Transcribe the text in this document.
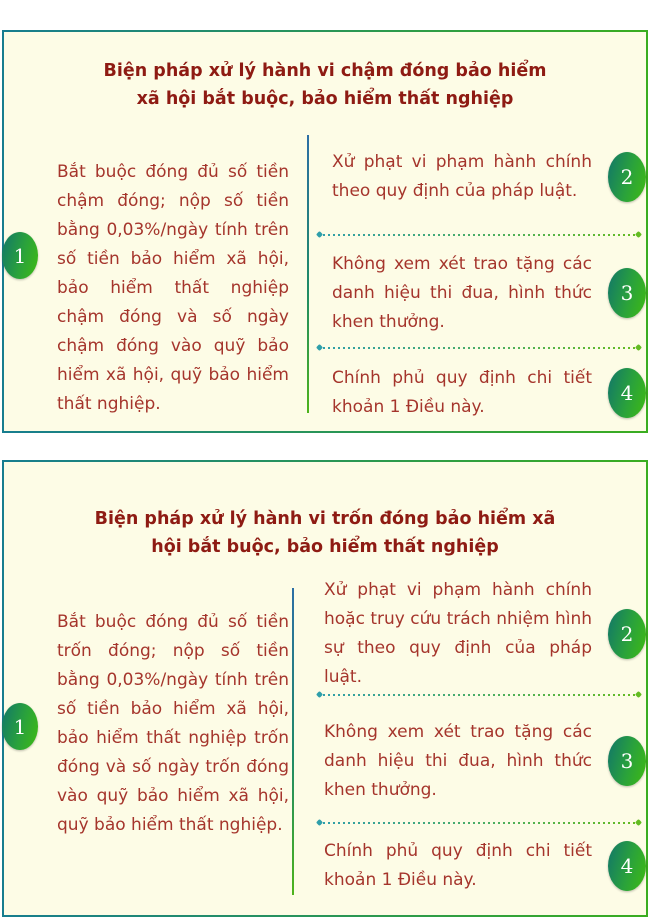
Biện pháp xử lý hành vi chậm đóng bảo hiểm
xã hội bắt buộc, bảo hiểm thất nghiệp
1

Bắt buộc đóng đủ số tiền chậm đóng; nộp số tiền bằng 0,03%/ngày tính trên số tiền bảo hiểm xã hội, bảo hiểm thất nghiệp chậm đóng và số ngày chậm đóng vào quỹ bảo hiểm xã hội, quỹ bảo hiểm thất nghiệp.

Xử phạt vi phạm hành chính theo quy định của pháp luật.

2

Không xem xét trao tặng các danh hiệu thi đua, hình thức khen thưởng.

3

Chính phủ quy định chi tiết khoản 1 Điều này.

4
Biện pháp xử lý hành vi trốn đóng bảo hiểm xã
hội bắt buộc, bảo hiểm thất nghiệp
1

Bắt buộc đóng đủ số tiền trốn đóng; nộp số tiền bằng 0,03%/ngày tính trên số tiền bảo hiểm xã hội, bảo hiểm thất nghiệp trốn đóng và số ngày trốn đóng vào quỹ bảo hiểm xã hội, quỹ bảo hiểm thất nghiệp.

Xử phạt vi phạm hành chính hoặc truy cứu trách nhiệm hình sự theo quy định của pháp luật.

2

Không xem xét trao tặng các danh hiệu thi đua, hình thức khen thưởng.

3

Chính phủ quy định chi tiết khoản 1 Điều này.

4
